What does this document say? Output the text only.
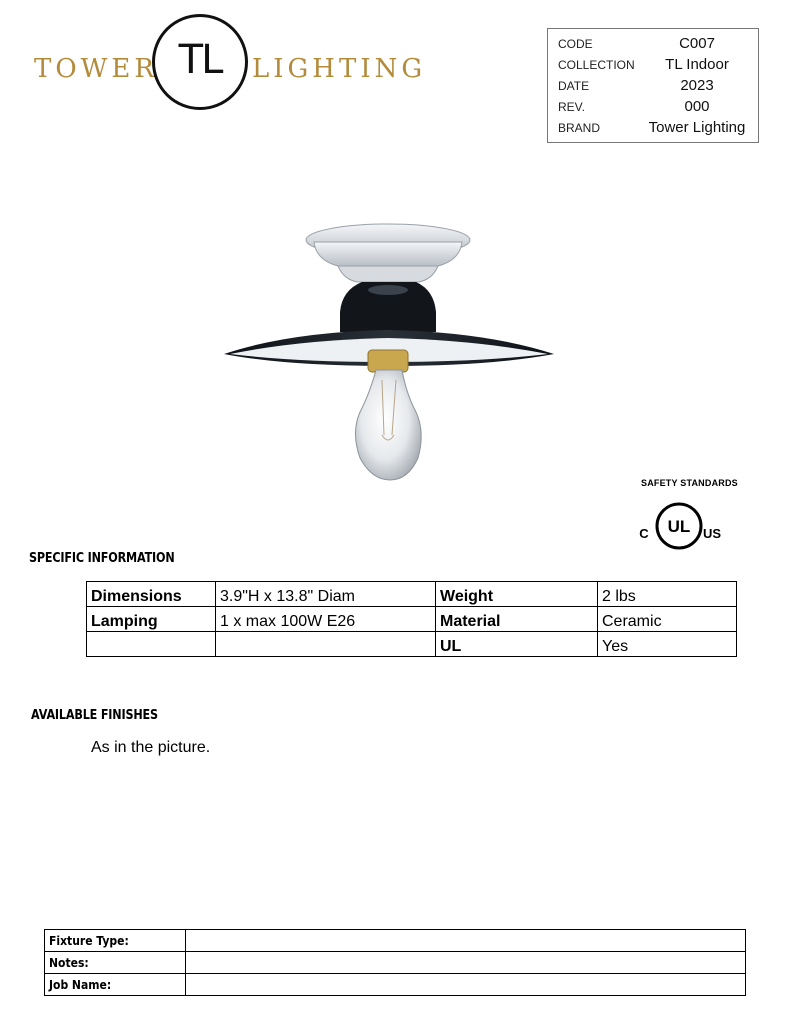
TOWER TL	LIGHTING
CODE	C007
COLLECTION	TL Indoor
DATE	2023
REV.	000
BRAND	Tower Lighting
SAFETY STANDARDS
UL
C	US
SPECIFIC INFORMATION
Dimensions	3.9"H x 13.8" Diam	Weight	2 lbs
Lamping	1 x max 100W E26	Material	Ceramic
		UL	Yes
AVAILABLE FINISHES
As in the picture.
Fixture Type:	
Notes:	
Job Name:	
